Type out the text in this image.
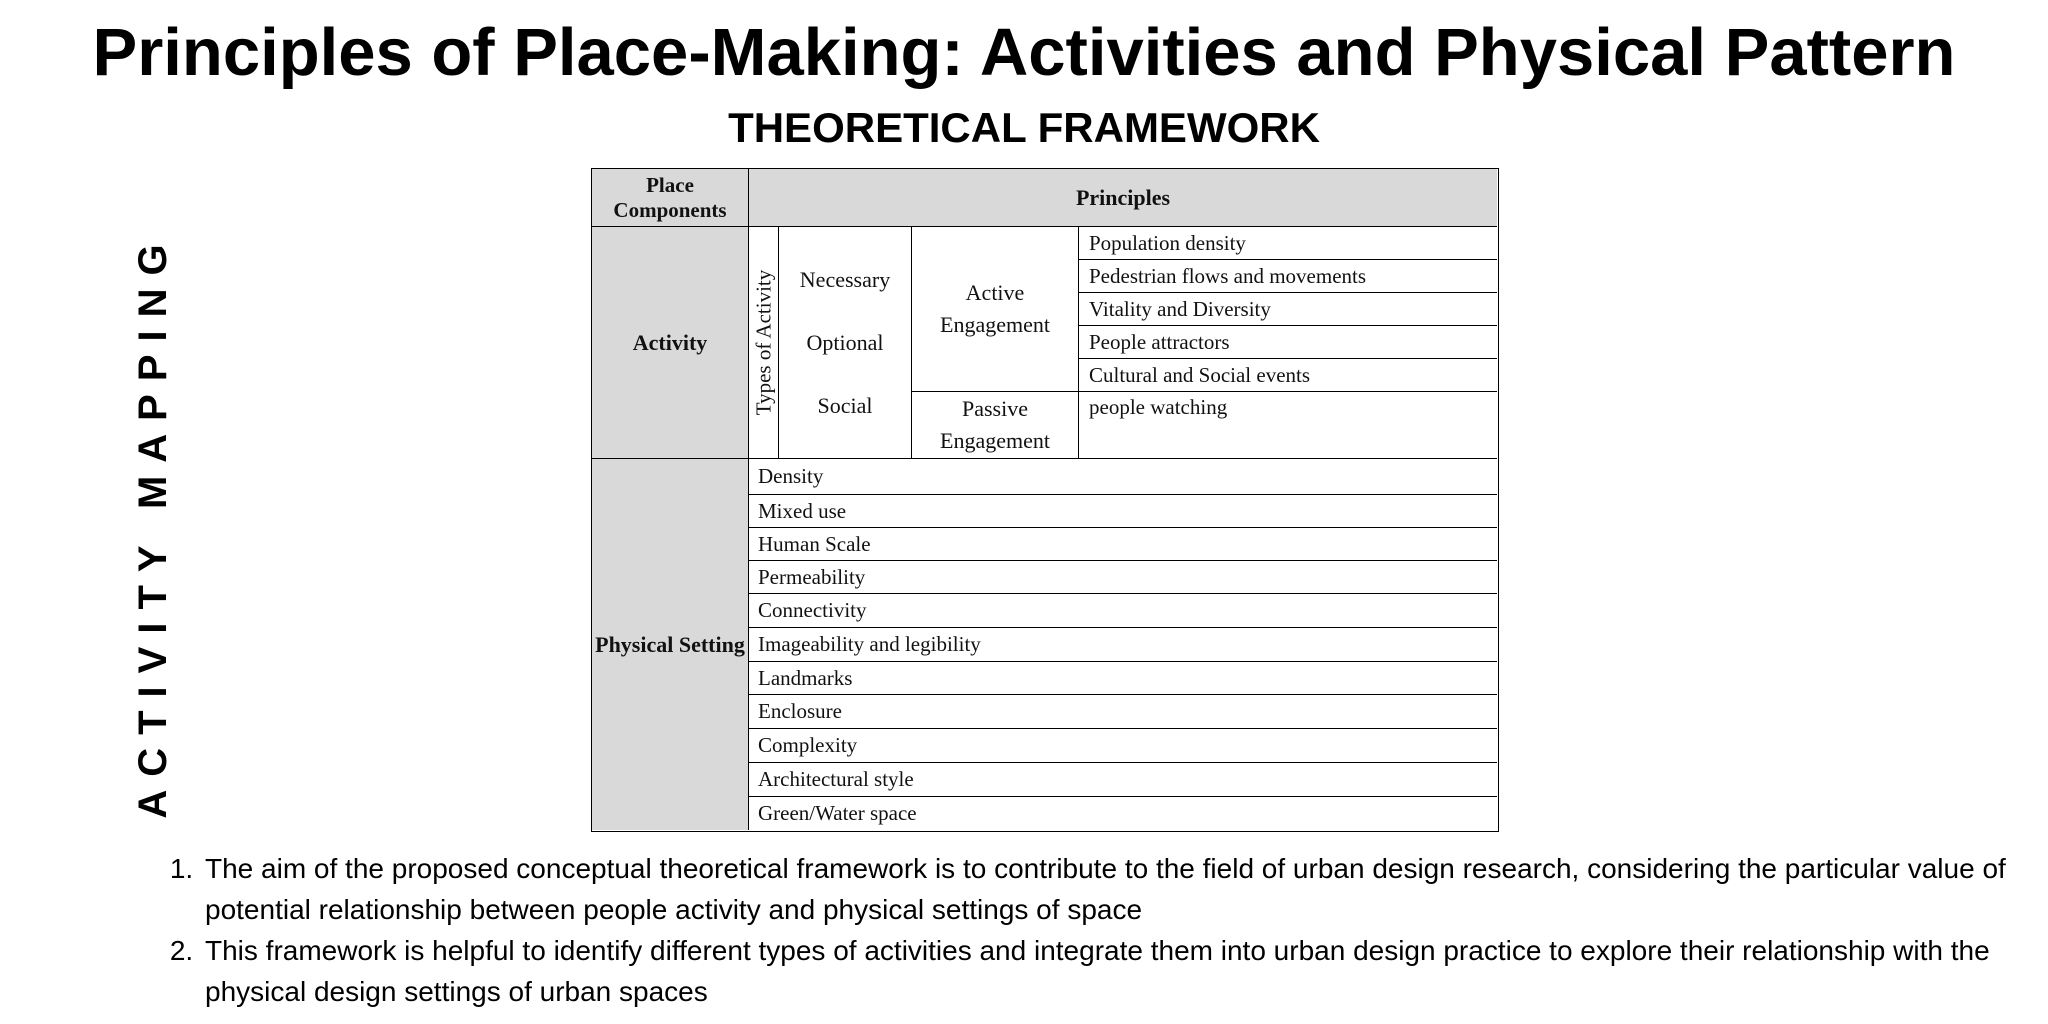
Principles of Place-Making: Activities and Physical Pattern
THEORETICAL FRAMEWORK
ACTIVITY MAPPING
Place Components	Principles
Activity	Types of Activity Necessary
Optional
Social
Active Engagement
Passive Engagement
Population density
Pedestrian flows and movements
Vitality and Diversity
People attractors
Cultural and Social events
people watching
Physical Setting
Density
Mixed use
Human Scale
Permeability
Connectivity
Imageability and legibility
Landmarks
Enclosure
Complexity
Architectural style
Green/Water space
1. The aim of the proposed conceptual theoretical framework is to contribute to the field of urban design research, considering the particular value of potential relationship between people activity and physical settings of space
2. This framework is helpful to identify different types of activities and integrate them into urban design practice to explore their relationship with the physical design settings of urban spaces
